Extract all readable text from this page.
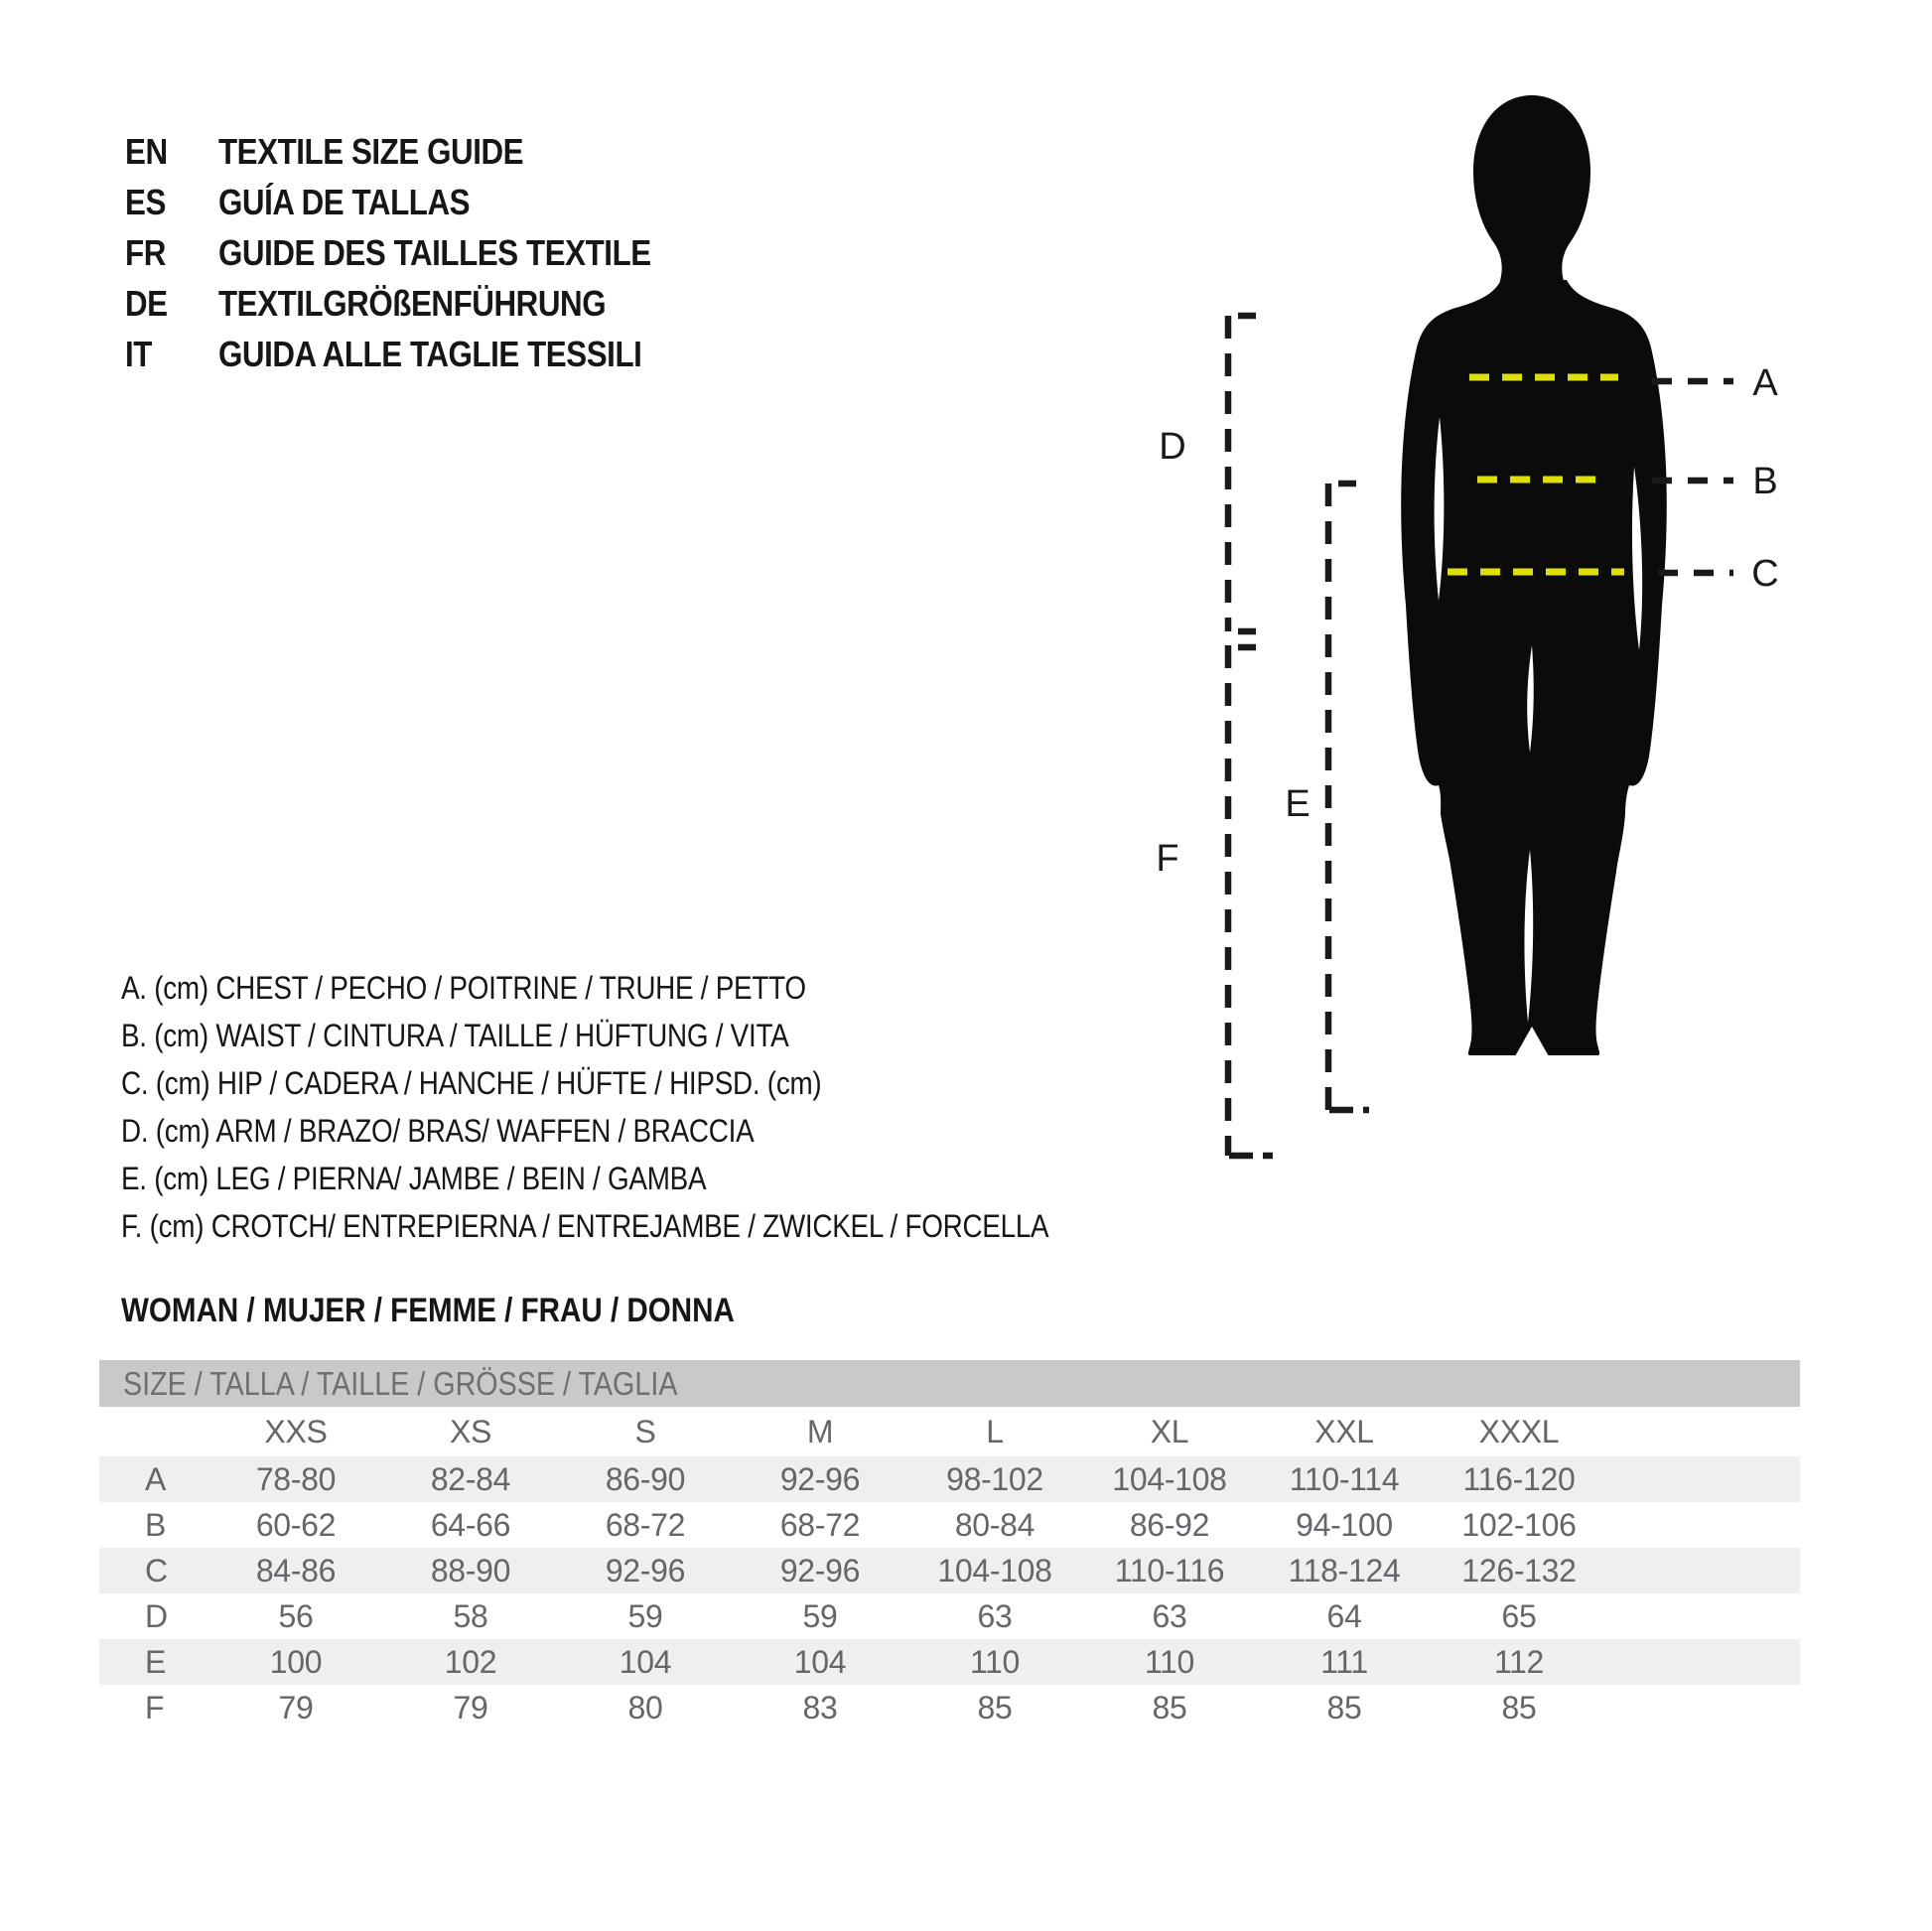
EN	TEXTILE SIZE GUIDE
ES	GUÍA DE TALLAS
FR	GUIDE DES TAILLES TEXTILE
DE	TEXTILGRÖßENFÜHRUNG
IT	GUIDA ALLE TAGLIE TESSILI
A. (cm) CHEST / PECHO / POITRINE / TRUHE / PETTO
B. (cm) WAIST / CINTURA / TAILLE / HÜFTUNG / VITA
C. (cm) HIP / CADERA / HANCHE / HÜFTE / HIPSD. (cm)
D. (cm) ARM / BRAZO/ BRAS/ WAFFEN / BRACCIA
E. (cm) LEG / PIERNA/ JAMBE / BEIN / GAMBA
F. (cm) CROTCH/ ENTREPIERNA / ENTREJAMBE / ZWICKEL / FORCELLA
WOMAN / MUJER / FEMME / FRAU / DONNA
SIZE / TALLA / TAILLE / GRÖSSE / TAGLIA
XXS	XS	S	M	L	XL	XXL	XXXL
A	78-80	82-84	86-90	92-96	98-102	104-108	110-114	116-120
B	60-62	64-66	68-72	68-72	80-84	86-92	94-100	102-106
C	84-86	88-90	92-96	92-96	104-108	110-116	118-124	126-132
D	56	58	59	59	63	63	64	65
E	100	102	104	104	110	110	111	112
F	79	79	80	83	85	85	85	85
A
B
C
D
E
F
